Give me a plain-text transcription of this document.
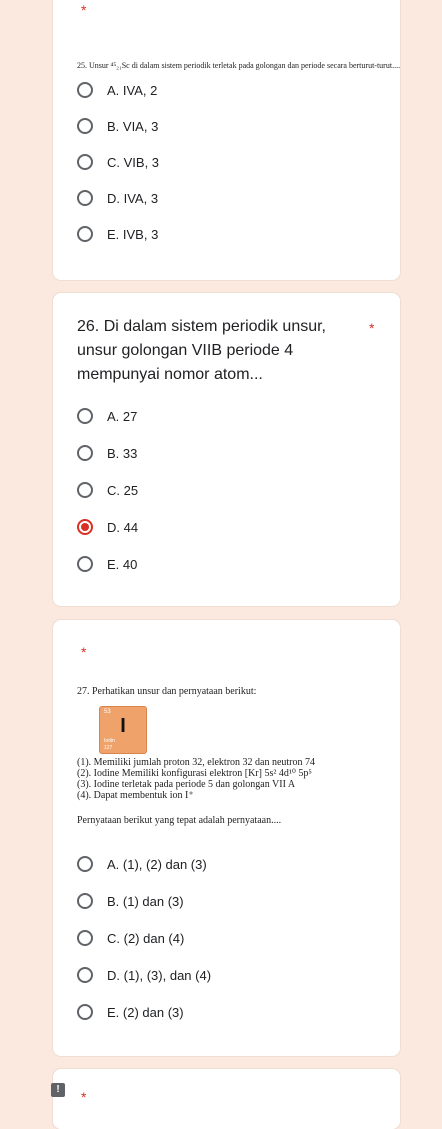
*
25. Unsur ⁴⁵₂₁Sc di dalam sistem periodik terletak pada golongan dan periode secara berturut-turut....
A. IVA, 2
B. VIA, 3
C. VIB, 3
D. IVA, 3
E. IVB, 3
26. Di dalam sistem periodik unsur, unsur golongan VIIB periode 4 mempunyai nomor atom...
*
A. 27
B. 33
C. 25
D. 44
E. 40
*
27. Perhatikan unsur dan pernyataan berikut:
53
I
Iodin
127
(1). Memiliki jumlah proton 32, elektron 32 dan neutron 74
(2). Iodine Memiliki konfigurasi elektron [Kr] 5s² 4d¹⁰ 5p⁵
(3). Iodine terletak pada periode 5 dan golongan VII A
(4). Dapat membentuk ion I⁺
Pernyataan berikut yang tepat adalah pernyataan....
A. (1), (2) dan (3)
B. (1) dan (3)
C. (2) dan (4)
D. (1), (3), dan (4)
E. (2) dan (3)
*
!
